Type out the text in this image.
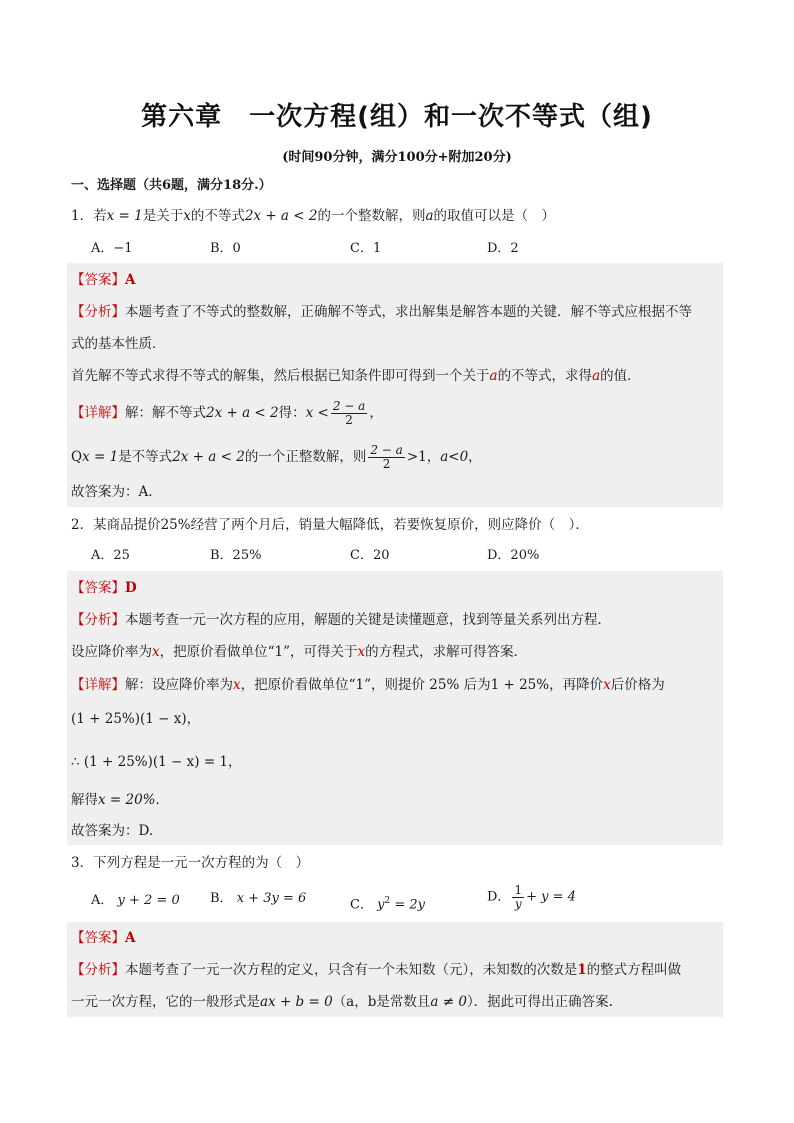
第六章　一次方程(组）和一次不等式（组)
(时间90分钟，满分100分+附加20分)
一、选择题（共6题，满分18分.）
1．若x = 1是关于x的不等式2x + a < 2的一个整数解，则a的取值可以是（　）
A．−1	B．0	C．1	D．2
【答案】A
【分析】本题考查了不等式的整数解，正确解不等式，求出解集是解答本题的关键．解不等式应根据不等
式的基本性质．
首先解不等式求得不等式的解集，然后根据已知条件即可得到一个关于a的不等式，求得a的值．
【详解】解：解不等式2x + a < 2得：$x < \frac{2 - a}{2}$ ，
Qx = 1是不等式2x + a < 2的一个正整数解，则 $\frac{2 - a}{2} >1$，a<0，
故答案为：A.
2．某商品提价25%经营了两个月后，销量大幅降低，若要恢复原价，则应降价（　）．
A．25	B．25%	C．20	D．20%
【答案】D
【分析】本题考查一元一次方程的应用，解题的关键是读懂题意，找到等量关系列出方程．
设应降价率为x，把原价看做单位“1”，可得关于x的方程式，求解可得答案．
【详解】解：设应降价率为x，把原价看做单位“1”，则提价 25% 后为1 + 25%，再降价x后价格为
(1 + 25%)(1 − x)，
∴ (1 + 25%)(1 − x) = 1，
解得x = 20%．
故答案为：D.
3．下列方程是一元一次方程的为（　）
A． y + 2 = 0 B． x + 3y = 6	C． $y^2 = 2y$
D． $\frac{1}{y} + y = 4$
【答案】A
【分析】本题考查了一元一次方程的定义，只含有一个未知数（元），未知数的次数是1的整式方程叫做
一元一次方程，它的一般形式是ax + b = 0（a，b是常数且a ≠ 0）．据此可得出正确答案.
